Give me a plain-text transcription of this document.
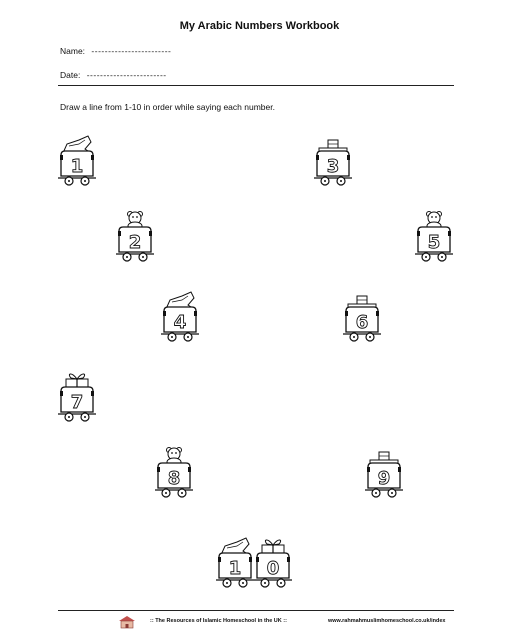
My Arabic Numbers Workbook
Name: ------------------------
Date: ------------------------
Draw a line from 1-10 in order while saying each number.
1	3
2	5
4	6
7
8	9
1	0
:: The Resources of Islamic Homeschool in the UK ::	www.rahmahmuslimhomeschool.co.uk/index
